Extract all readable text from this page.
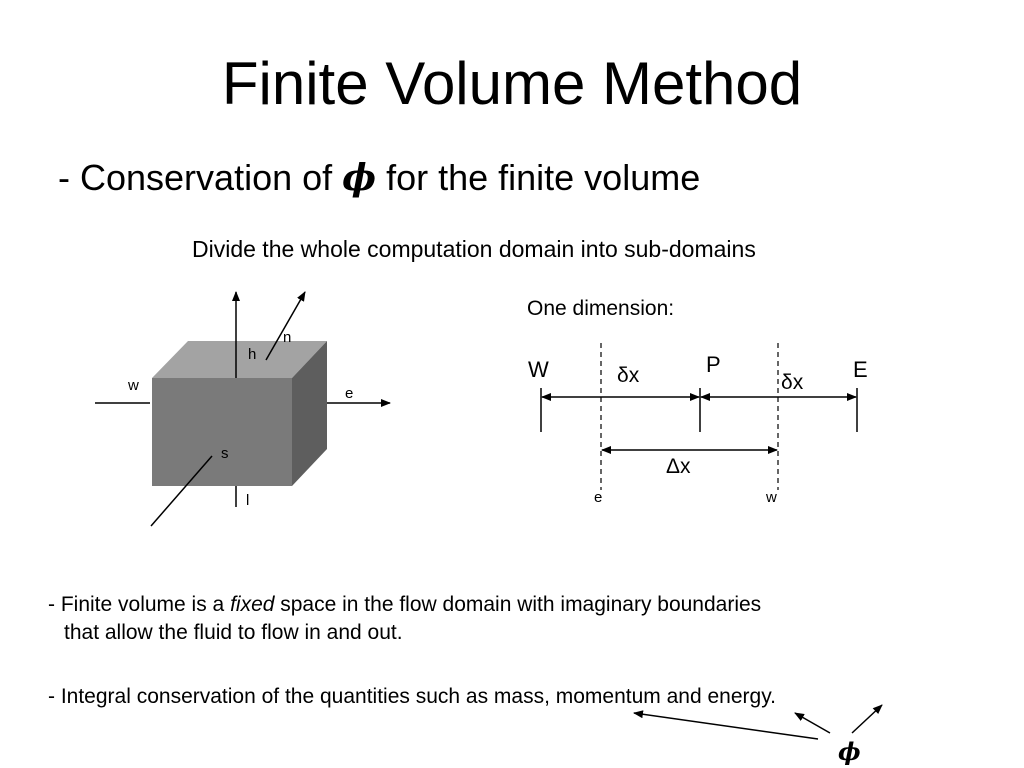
Finite Volume Method
- Conservation of ϕ for the finite volume
Divide the whole computation domain into sub-domains
One dimension:
n
h
w	e
s
l
W	P	E
δx	δx
Δx
e	w
ϕ
- Finite volume is a fixed space in the flow domain with imaginary boundaries
that allow the fluid to flow in and out.
- Integral conservation of the quantities such as mass, momentum and energy.
